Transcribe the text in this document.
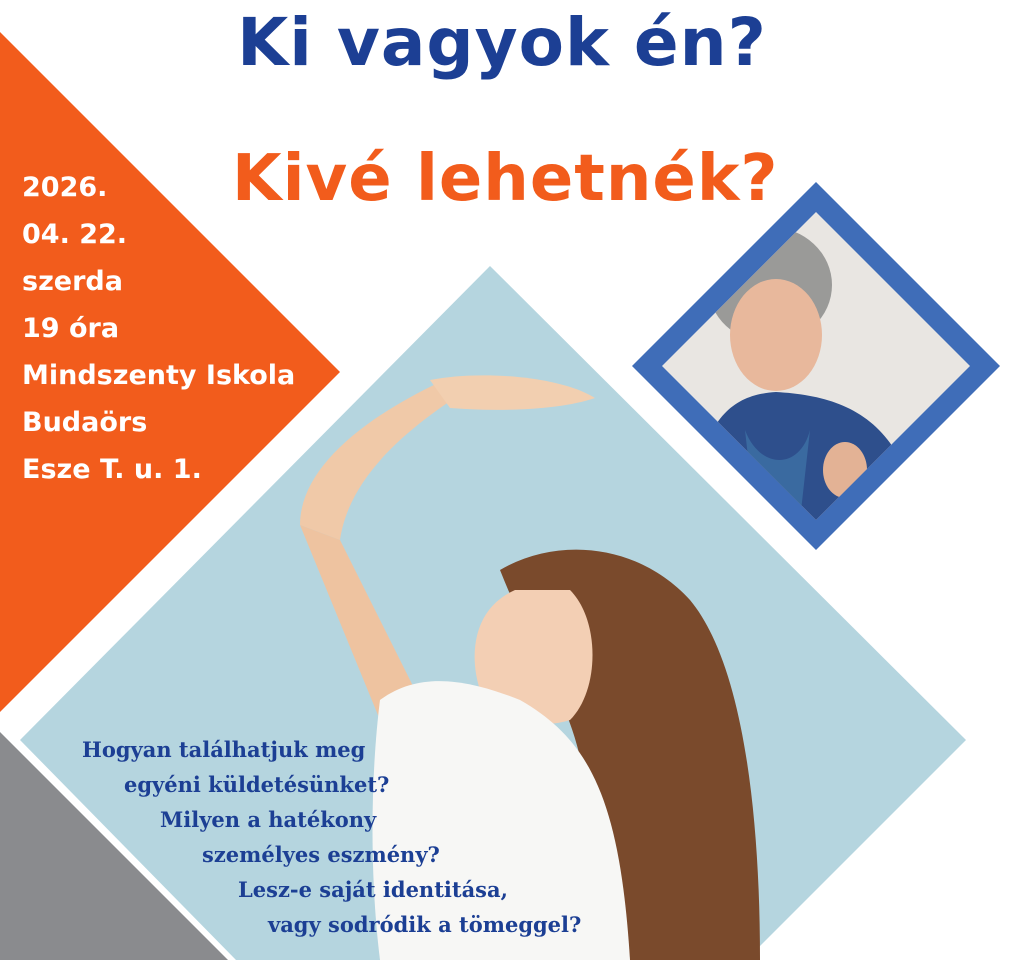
Ki vagyok én?
Kivé lehetnék?
2026.
04. 22.
szerda
19 óra
Mindszenty Iskola
Budaörs
Esze T. u. 1.
Hogyan találhatjuk meg
egyéni küldetésünket?
Milyen a hatékony
személyes eszmény?
Lesz-e saját identitása,
vagy sodródik a tömeggel?
